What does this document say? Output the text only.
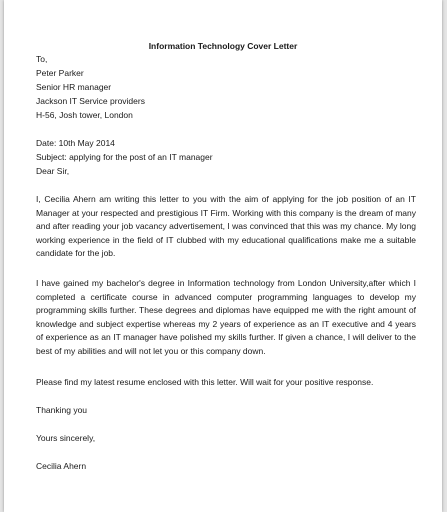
Information Technology Cover Letter
To,
Peter Parker
Senior HR manager
Jackson IT Service providers
H-56, Josh tower, London
Date: 10th May 2014
Subject: applying for the post of an IT manager
Dear Sir,
I, Cecilia Ahern am writing this letter to you with the aim of applying for the job position of an IT Manager at your respected and prestigious IT Firm. Working with this company is the dream of many and after reading your job vacancy advertisement, I was convinced that this was my chance. My long working experience in the field of IT clubbed with my educational qualifications make me a suitable candidate for the job.
I have gained my bachelor's degree in Information technology from London University,after which I completed a certificate course in advanced computer programming languages to develop my programming skills further. These degrees and diplomas have equipped me with the right amount of knowledge and subject expertise whereas my 2 years of experience as an IT executive and 4 years of experience as an IT manager have polished my skills further. If given a chance, I will deliver to the best of my abilities and will not let you or this company down.
Please find my latest resume enclosed with this letter. Will wait for your positive response.
Thanking you
Yours sincerely,
Cecilia Ahern
